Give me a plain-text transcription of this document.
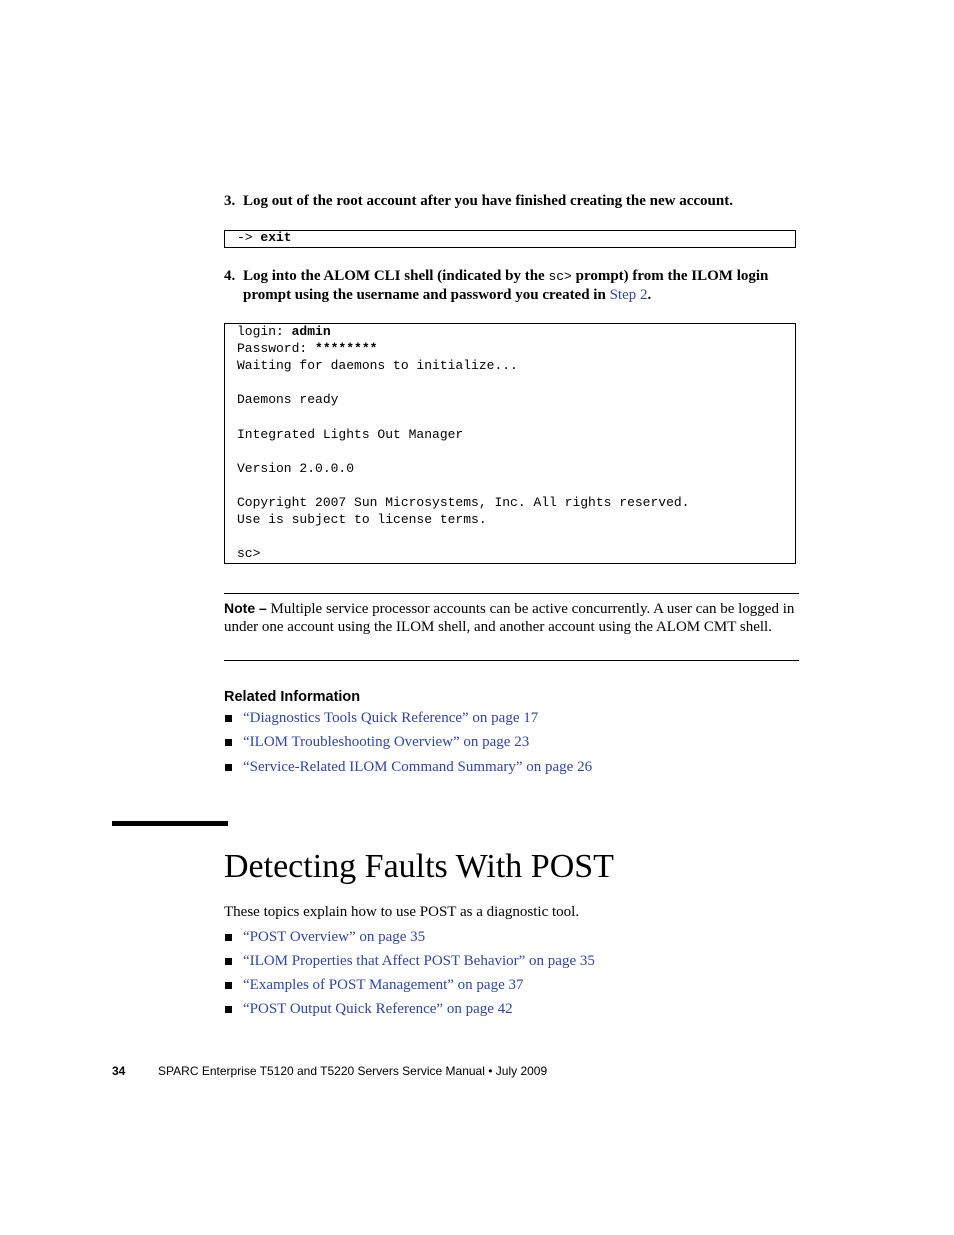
3. Log out of the root account after you have finished creating the new account.
-> exit
4. Log into the ALOM CLI shell (indicated by the sc> prompt) from the ILOM login prompt using the username and password you created in Step 2.
login: admin
Password: ********
Waiting for daemons to initialize...

Daemons ready

Integrated Lights Out Manager

Version 2.0.0.0

Copyright 2007 Sun Microsystems, Inc. All rights reserved.
Use is subject to license terms.

sc>
Note – Multiple service processor accounts can be active concurrently. A user can be logged in under one account using the ILOM shell, and another account using the ALOM CMT shell.
Related Information
“Diagnostics Tools Quick Reference” on page 17
“ILOM Troubleshooting Overview” on page 23
“Service-Related ILOM Command Summary” on page 26
Detecting Faults With POST
These topics explain how to use POST as a diagnostic tool.
“POST Overview” on page 35
“ILOM Properties that Affect POST Behavior” on page 35
“Examples of POST Management” on page 37
“POST Output Quick Reference” on page 42
34	SPARC Enterprise T5120 and T5220 Servers Service Manual • July 2009
